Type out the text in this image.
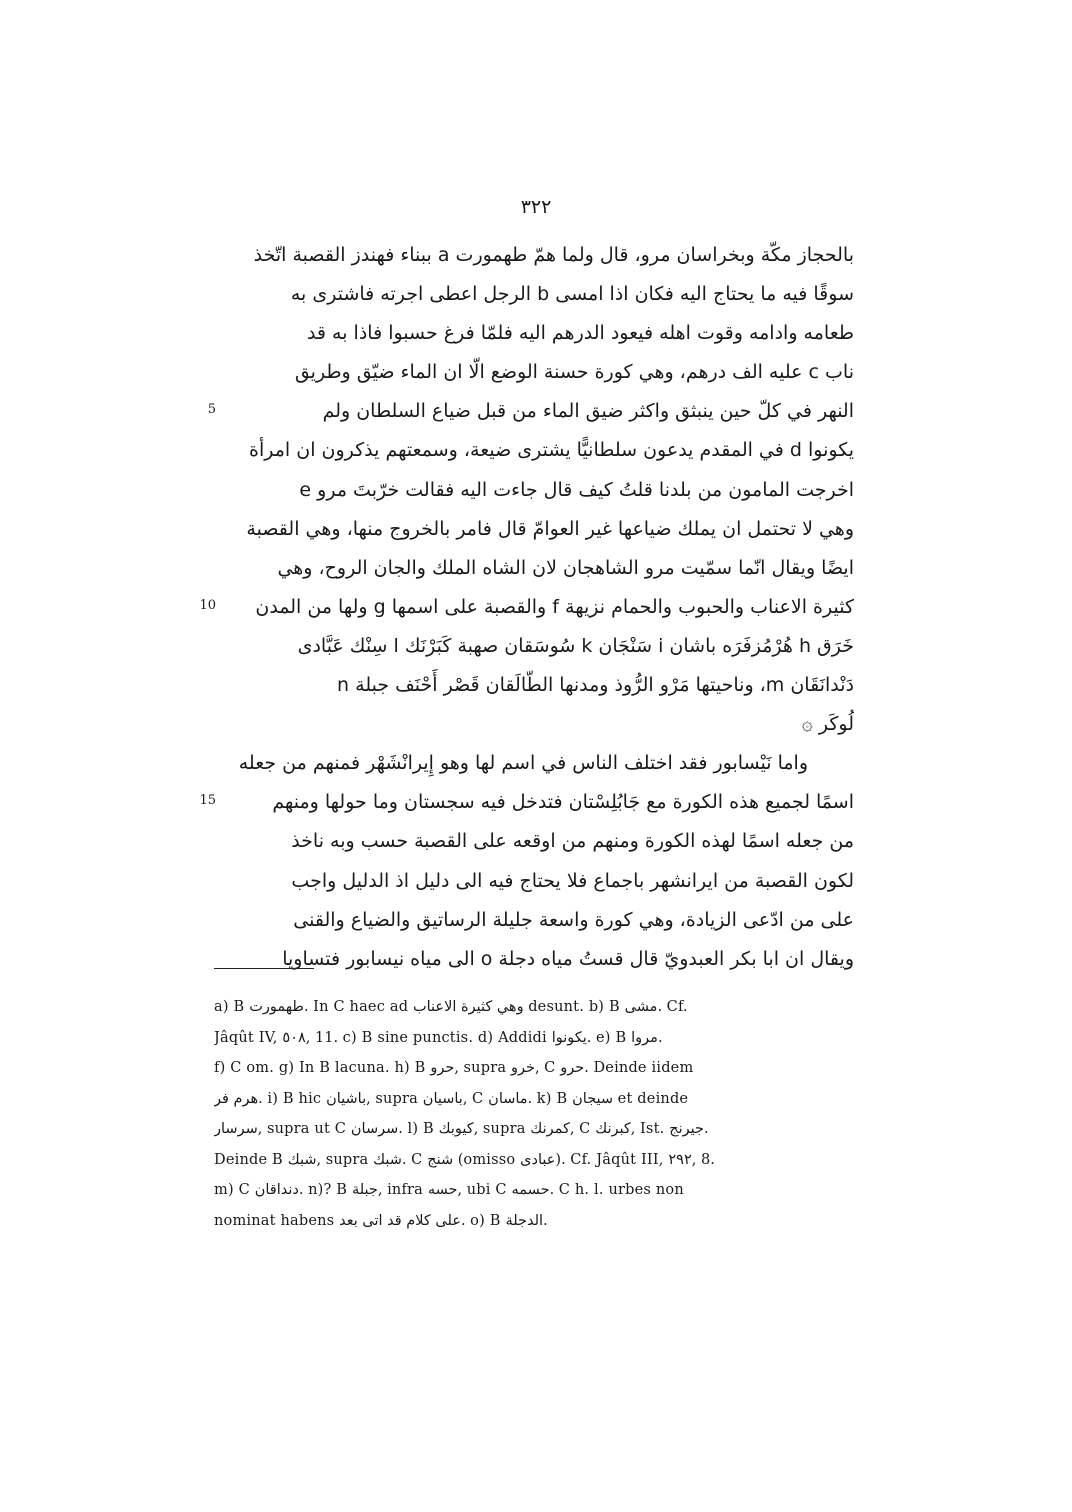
٣٢٢
بالحجاز مكّة وبخراسان مرو، قال ولما همّ طهمورت a ببناء فهندز القصبة اتّخذ
سوقًا فيه ما يحتاج اليه فكان اذا امسى b الرجل اعطى اجرته فاشترى به
طعامه وادامه وقوت اهله فيعود الدرهم اليه فلمّا فرغ حسبوا فاذا به قد
ناب c عليه الف درهم، وهي كورة حسنة الوضع الّا ان الماء ضيّق وطريق
النهر في كلّ حين ينبثق واكثر ضيق الماء من قبل ضياع السلطان ولم
يكونوا d في المقدم يدعون سلطانيًّا يشترى ضيعة، وسمعتهم يذكرون ان امرأة
اخرجت المامون من بلدنا قلتُ كيف قال جاءت اليه فقالت خرّبتَ مرو e
وهي لا تحتمل ان يملك ضياعها غير العوامّ قال فامر بالخروج منها، وهي القصبة
ايضًا ويقال انّما سمّيت مرو الشاهجان لان الشاه الملك والجان الروح، وهي
كثيرة الاعناب والحبوب والحمام نزيهة f والقصبة على اسمها g ولها من المدن
خَرَق h هُرْمُزفَرَه باشان i سَنْجَان k سُوسَقان صهبة كَبَرْنَك l سِنْك عَبَّادى
دَنْدانَقَان m، وناحيتها مَرْو الرُّوذ ومدنها الطّالَقان قَصْر أَحْنَف جبلة n
لُوكَر ۞
واما نَيْسابور فقد اختلف الناس في اسم لها وهو إِيرانْشَهْر فمنهم من جعله
اسمًا لجميع هذه الكورة مع جَابُلِسْتان فتدخل فيه سجستان وما حولها ومنهم
من جعله اسمًا لهذه الكورة ومنهم من اوقعه على القصبة حسب وبه ناخذ
لكون القصبة من ايرانشهر باجماع فلا يحتاج فيه الى دليل اذ الدليل واجب
على من ادّعى الزيادة، وهي كورة واسعة جليلة الرساتيق والضياع والقنى
ويقال ان ابا بكر العبدويّ قال قستُ مياه دجلة o الى مياه نيسابور فتساويا
5
10
15
a) B طهمورت. In C haec ad وهي كثيرة الاعناب desunt. b) B مشى. Cf.
Jâqût IV, ٥٠٨, 11. c) B sine punctis. d) Addidi يكونوا. e) B مروا.
f) C om. g) In B lacuna. h) B حرو, supra خرو, C حرو. Deinde iidem
هرم فر. i) B hic باشيان, supra باسيان, C ماسان. k) B سيجان et deinde
سرسار, supra ut C سرسان. l) B كيوبك, supra كمرنك, C كبرنك, Ist. جيرنج.
Deinde B شبك, supra شبك. C شنج (omisso عبادى). Cf. Jâqût III, ٢٩٢, 8.
m) C دنداقان. n)? B جبلة, infra حسه, ubi C حسمه. C h. l. urbes non
nominat habens على كلام قد اتى بعد. o) B الدجلة.
